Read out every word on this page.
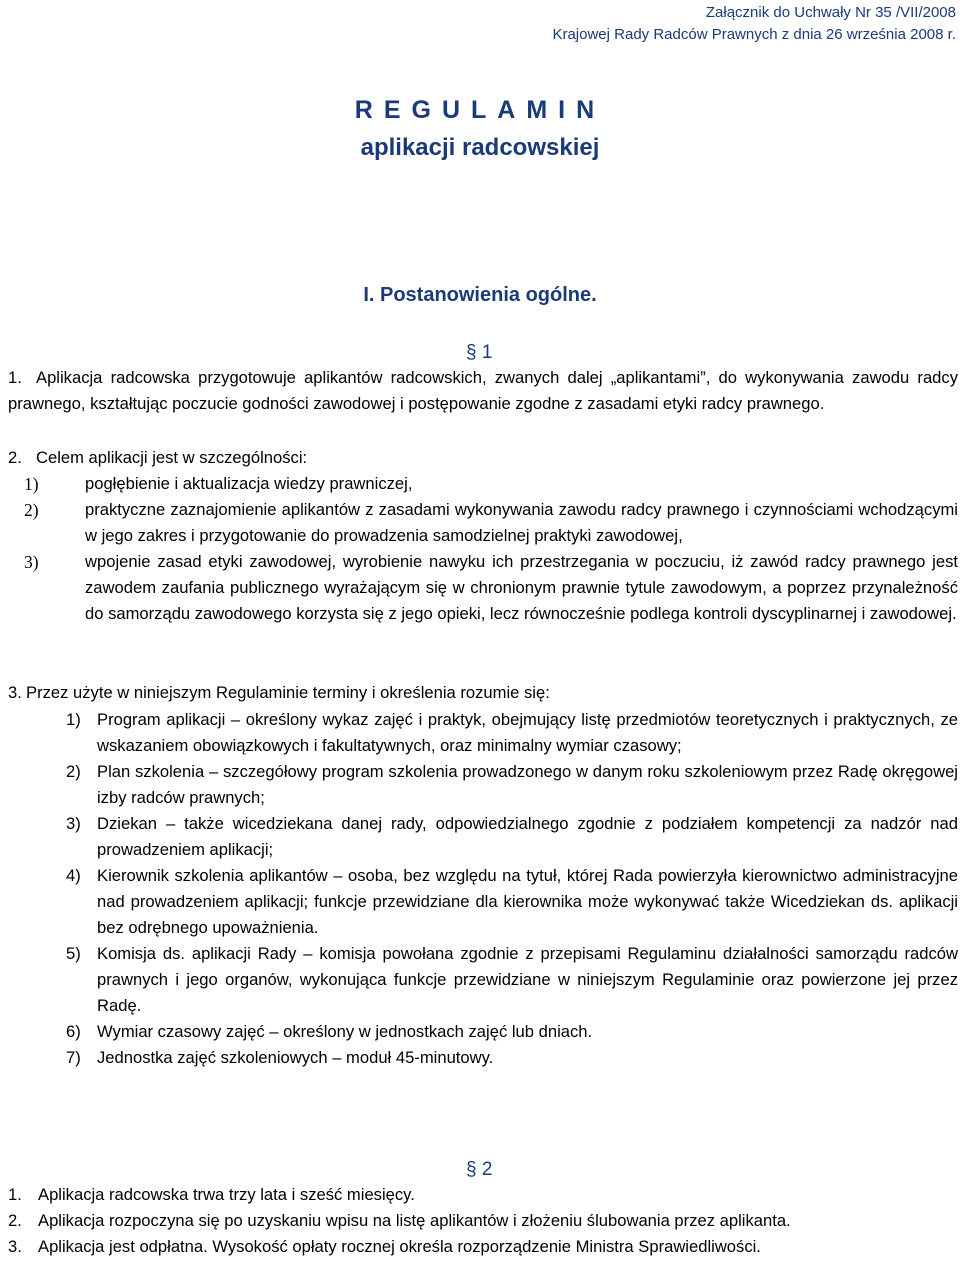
Załącznik do Uchwały Nr 35 /VII/2008
Krajowej Rady Radców Prawnych z dnia 26 września 2008 r.
REGULAMIN
aplikacji radcowskiej
I. Postanowienia ogólne.
§ 1
1. Aplikacja radcowska przygotowuje aplikantów radcowskich, zwanych dalej „aplikantami”, do wykonywania zawodu radcy prawnego, kształtując poczucie godności zawodowej i postępowanie zgodne z zasadami etyki radcy prawnego.
2. Celem aplikacji jest w szczególności:
1)	pogłębienie i aktualizacja wiedzy prawniczej,
2)	praktyczne zaznajomienie aplikantów z zasadami wykonywania zawodu radcy prawnego i czynnościami wchodzącymi w jego zakres i przygotowanie do prowadzenia samodzielnej praktyki zawodowej,
3)	wpojenie zasad etyki zawodowej, wyrobienie nawyku ich przestrzegania w poczuciu, iż zawód radcy prawnego jest zawodem zaufania publicznego wyrażającym się w chronionym prawnie tytule zawodowym, a poprzez przynależność do samorządu zawodowego korzysta się z jego opieki, lecz równocześnie podlega kontroli dyscyplinarnej i zawodowej.
3. Przez użyte w niniejszym Regulaminie terminy i określenia rozumie się:
1) Program aplikacji – określony wykaz zajęć i praktyk, obejmujący listę przedmiotów teoretycznych i praktycznych, ze wskazaniem obowiązkowych i fakultatywnych, oraz minimalny wymiar czasowy;
2) Plan szkolenia – szczegółowy program szkolenia prowadzonego w danym roku szkoleniowym przez Radę okręgowej izby radców prawnych;
3) Dziekan – także wicedziekana danej rady, odpowiedzialnego zgodnie z podziałem kompetencji za nadzór nad prowadzeniem aplikacji;
4) Kierownik szkolenia aplikantów – osoba, bez względu na tytuł, której Rada powierzyła kierownictwo administracyjne nad prowadzeniem aplikacji; funkcje przewidziane dla kierownika może wykonywać także Wicedziekan ds. aplikacji bez odrębnego upoważnienia.
5) Komisja ds. aplikacji Rady – komisja powołana zgodnie z przepisami Regulaminu działalności samorządu radców prawnych i jego organów, wykonująca funkcje przewidziane w niniejszym Regulaminie oraz powierzone jej przez Radę.
6) Wymiar czasowy zajęć – określony w jednostkach zajęć lub dniach.
7) Jednostka zajęć szkoleniowych – moduł 45-minutowy.
§ 2
1. Aplikacja radcowska trwa trzy lata i sześć miesięcy.
2. Aplikacja rozpoczyna się po uzyskaniu wpisu na listę aplikantów i złożeniu ślubowania przez aplikanta.
3. Aplikacja jest odpłatna. Wysokość opłaty rocznej określa rozporządzenie Ministra Sprawiedliwości.
